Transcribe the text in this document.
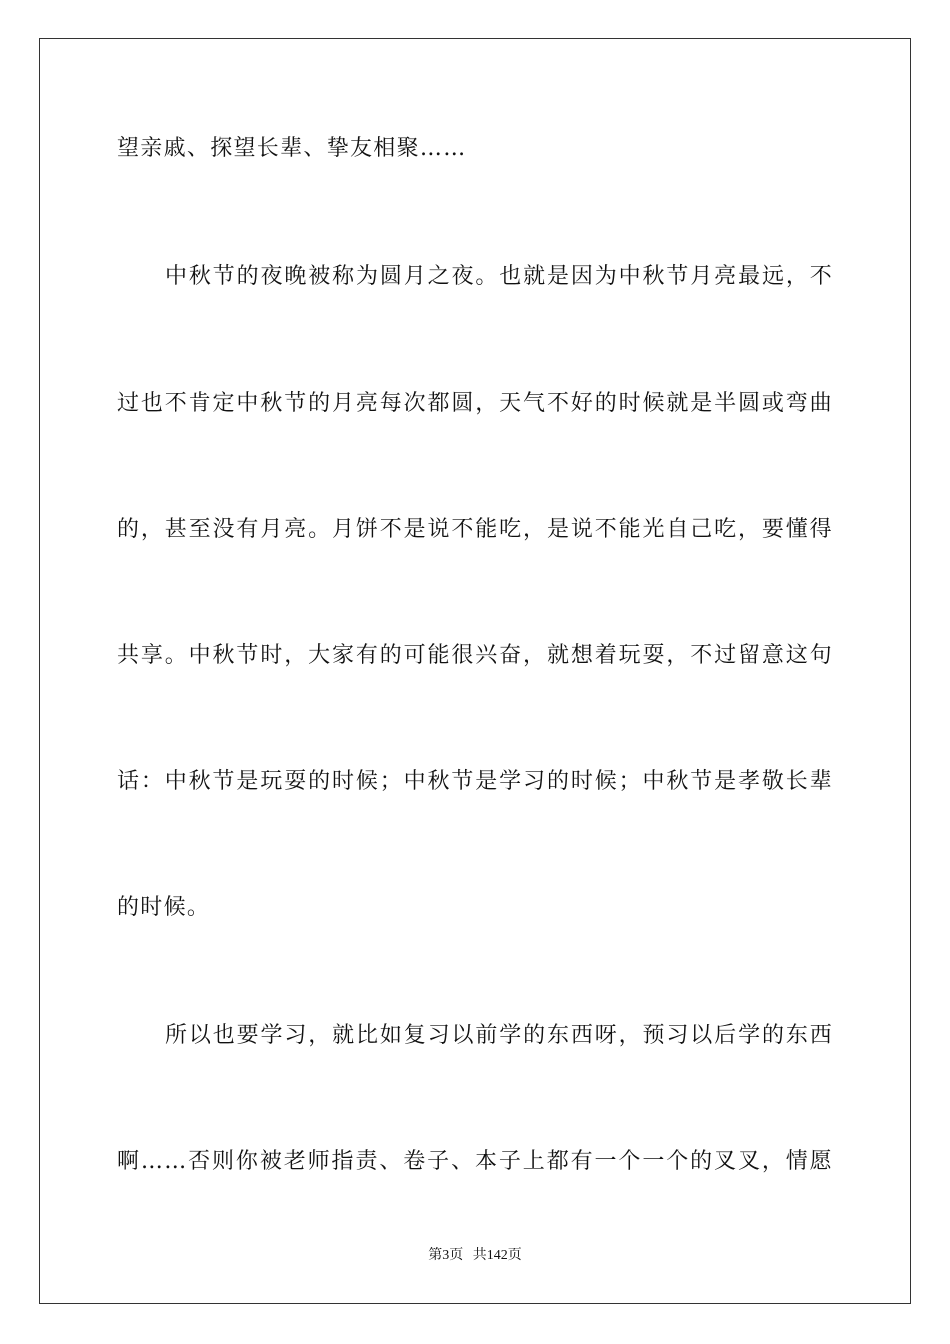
望亲戚、探望长辈、挚友相聚……
中秋节的夜晚被称为圆月之夜。也就是因为中秋节月亮最远，不
过也不肯定中秋节的月亮每次都圆，天气不好的时候就是半圆或弯曲
的，甚至没有月亮。月饼不是说不能吃，是说不能光自己吃，要懂得
共享。中秋节时，大家有的可能很兴奋，就想着玩耍，不过留意这句
话：中秋节是玩耍的时候；中秋节是学习的时候；中秋节是孝敬长辈
的时候。
所以也要学习，就比如复习以前学的东西呀，预习以后学的东西
啊……否则你被老师指责、卷子、本子上都有一个一个的叉叉，情愿
第3页 共142页
